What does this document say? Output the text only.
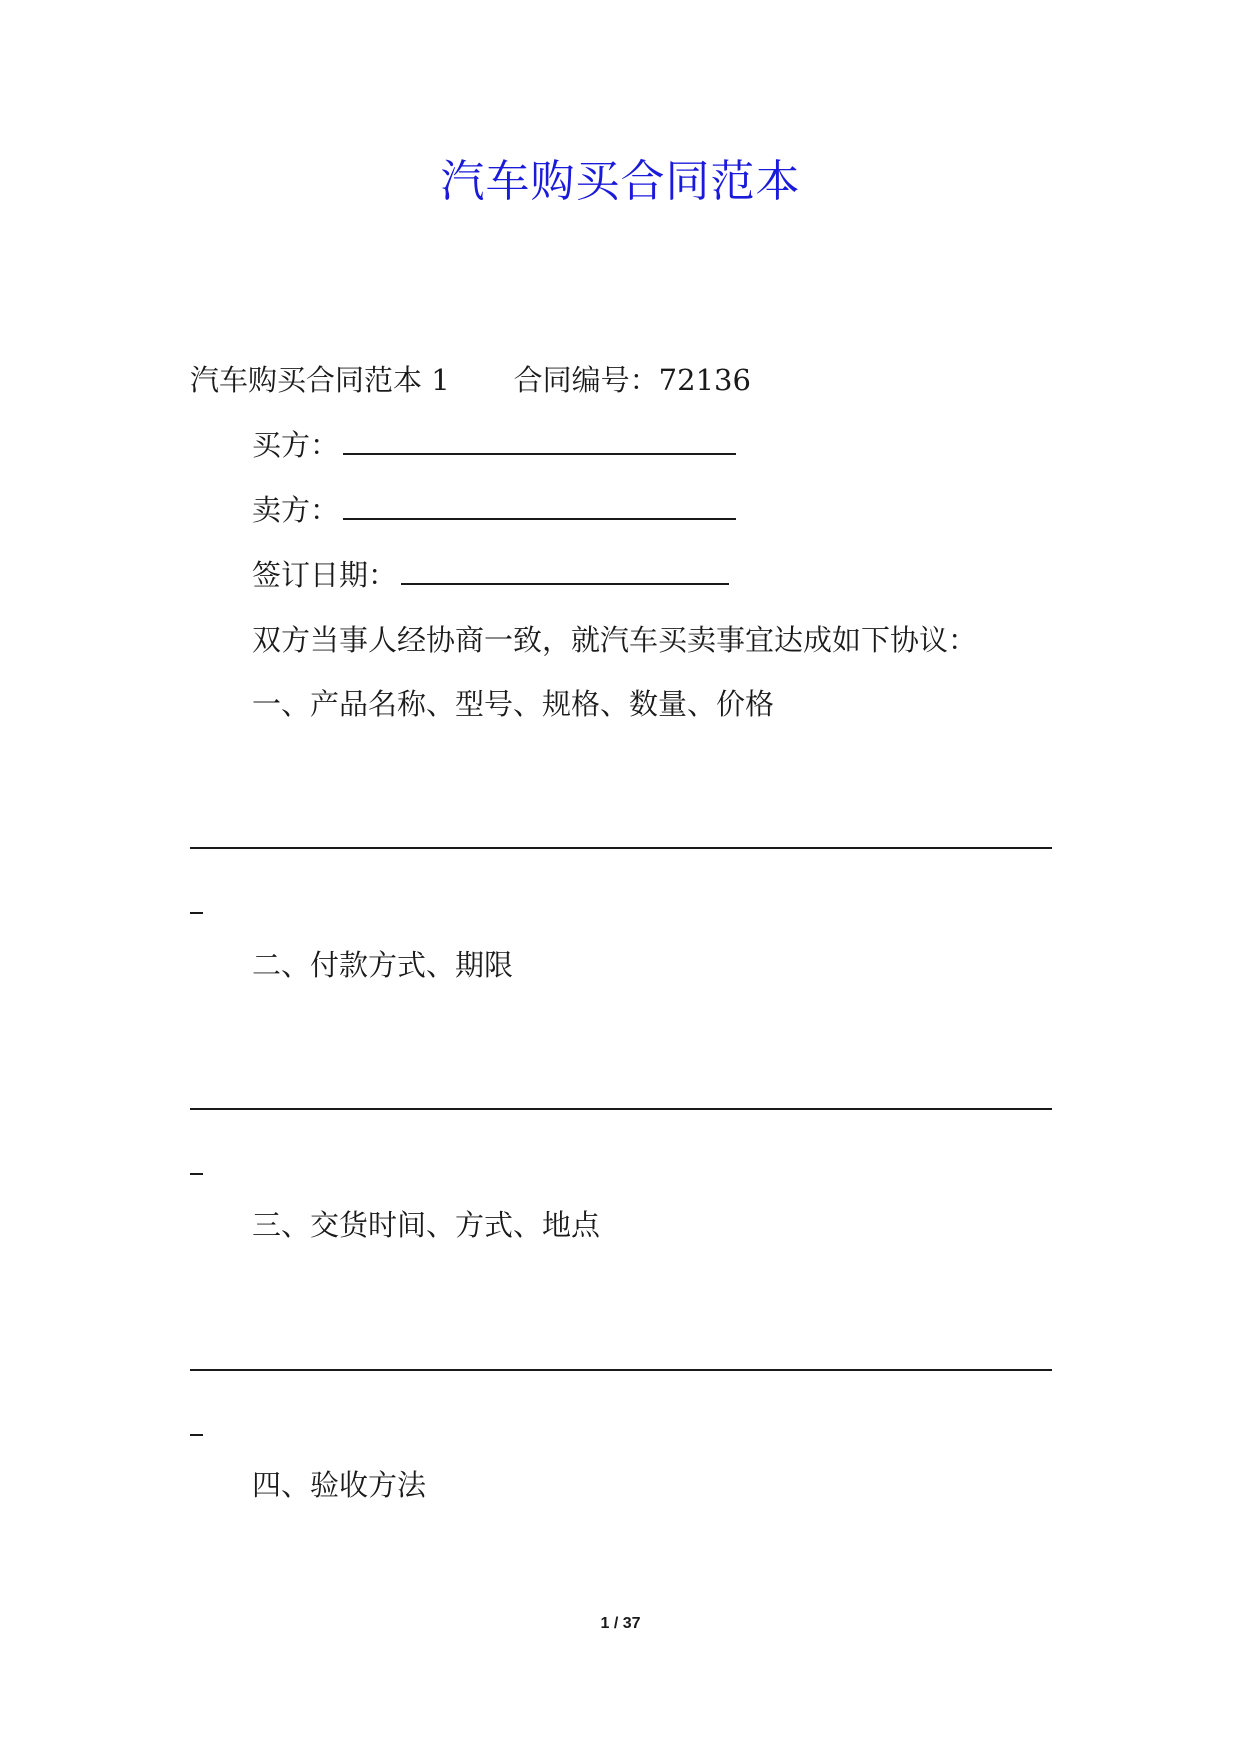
汽车购买合同范本
汽车购买合同范本 1 合同编号：72136
买方：
卖方：
签订日期：
双方当事人经协商一致，就汽车买卖事宜达成如下协议：
一、产品名称、型号、规格、数量、价格
二、付款方式、期限
三、交货时间、方式、地点
四、验收方法
1 / 37
